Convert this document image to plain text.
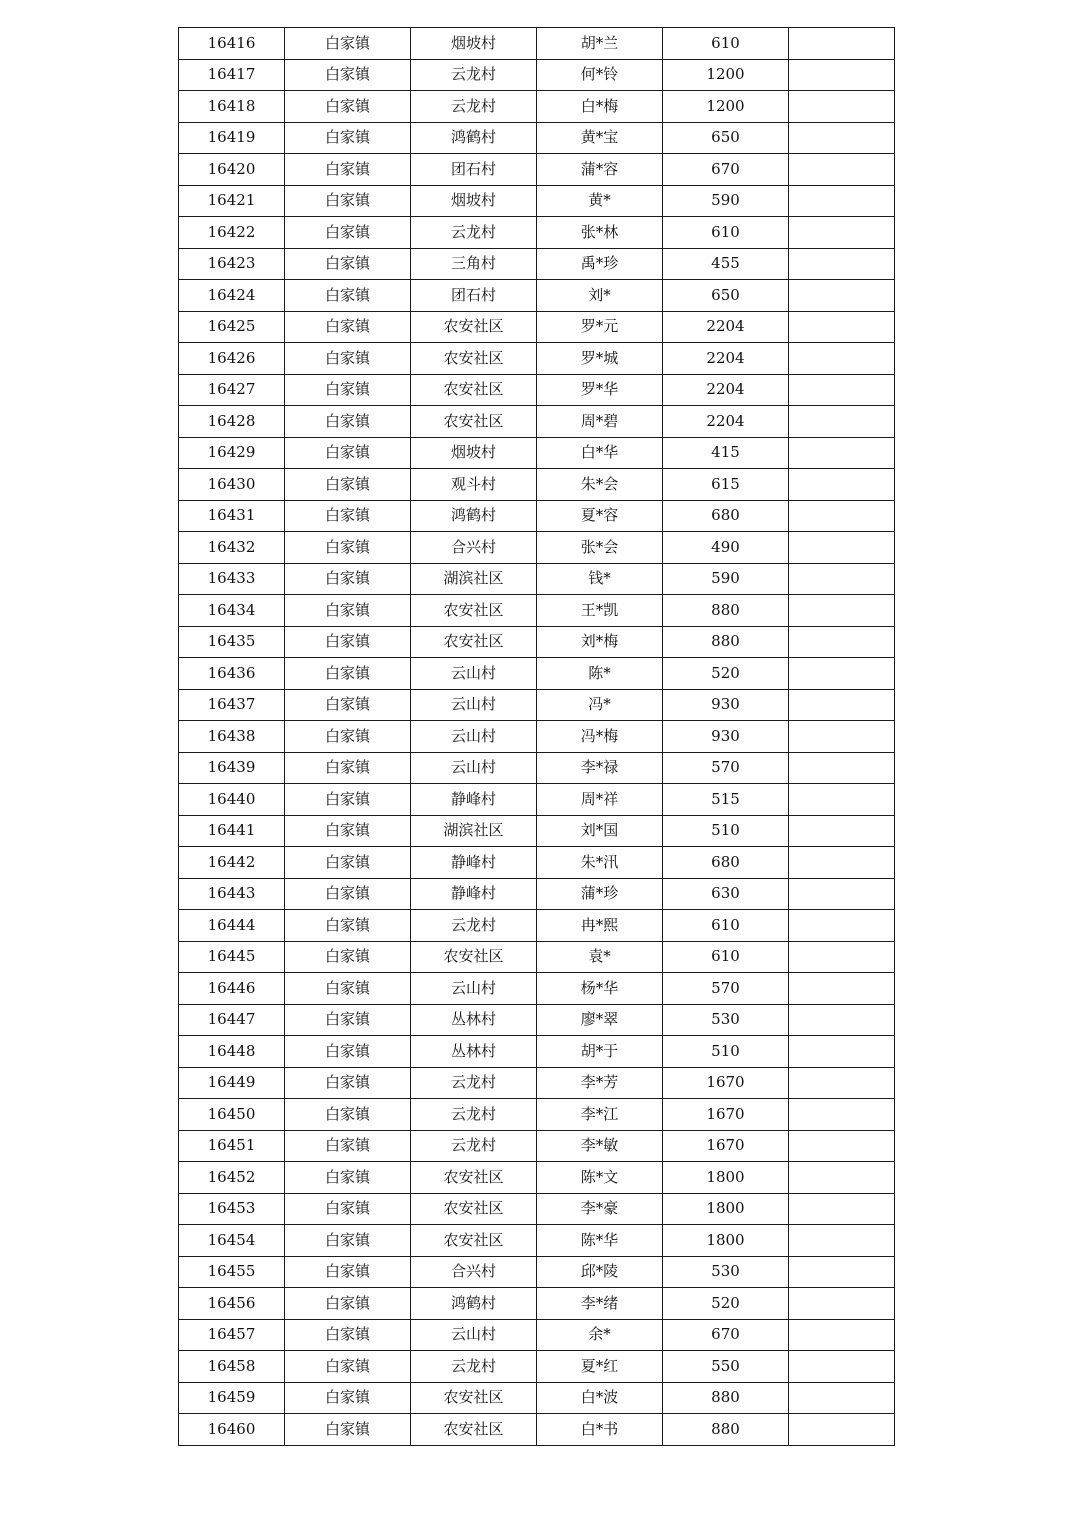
16416	白家镇	烟坡村	胡*兰	610	
16417	白家镇	云龙村	何*铃	1200	
16418	白家镇	云龙村	白*梅	1200	
16419	白家镇	鸿鹤村	黄*宝	650	
16420	白家镇	团石村	蒲*容	670	
16421	白家镇	烟坡村	黄*	590	
16422	白家镇	云龙村	张*林	610	
16423	白家镇	三角村	禹*珍	455	
16424	白家镇	团石村	刘*	650	
16425	白家镇	农安社区	罗*元	2204	
16426	白家镇	农安社区	罗*城	2204	
16427	白家镇	农安社区	罗*华	2204	
16428	白家镇	农安社区	周*碧	2204	
16429	白家镇	烟坡村	白*华	415	
16430	白家镇	观斗村	朱*会	615	
16431	白家镇	鸿鹤村	夏*容	680	
16432	白家镇	合兴村	张*会	490	
16433	白家镇	湖滨社区	钱*	590	
16434	白家镇	农安社区	王*凯	880	
16435	白家镇	农安社区	刘*梅	880	
16436	白家镇	云山村	陈*	520	
16437	白家镇	云山村	冯*	930	
16438	白家镇	云山村	冯*梅	930	
16439	白家镇	云山村	李*禄	570	
16440	白家镇	静峰村	周*祥	515	
16441	白家镇	湖滨社区	刘*国	510	
16442	白家镇	静峰村	朱*汛	680	
16443	白家镇	静峰村	蒲*珍	630	
16444	白家镇	云龙村	冉*熙	610	
16445	白家镇	农安社区	袁*	610	
16446	白家镇	云山村	杨*华	570	
16447	白家镇	丛林村	廖*翠	530	
16448	白家镇	丛林村	胡*于	510	
16449	白家镇	云龙村	李*芳	1670	
16450	白家镇	云龙村	李*江	1670	
16451	白家镇	云龙村	李*敏	1670	
16452	白家镇	农安社区	陈*文	1800	
16453	白家镇	农安社区	李*豪	1800	
16454	白家镇	农安社区	陈*华	1800	
16455	白家镇	合兴村	邱*陵	530	
16456	白家镇	鸿鹤村	李*绪	520	
16457	白家镇	云山村	余*	670	
16458	白家镇	云龙村	夏*红	550	
16459	白家镇	农安社区	白*波	880	
16460	白家镇	农安社区	白*书	880	
